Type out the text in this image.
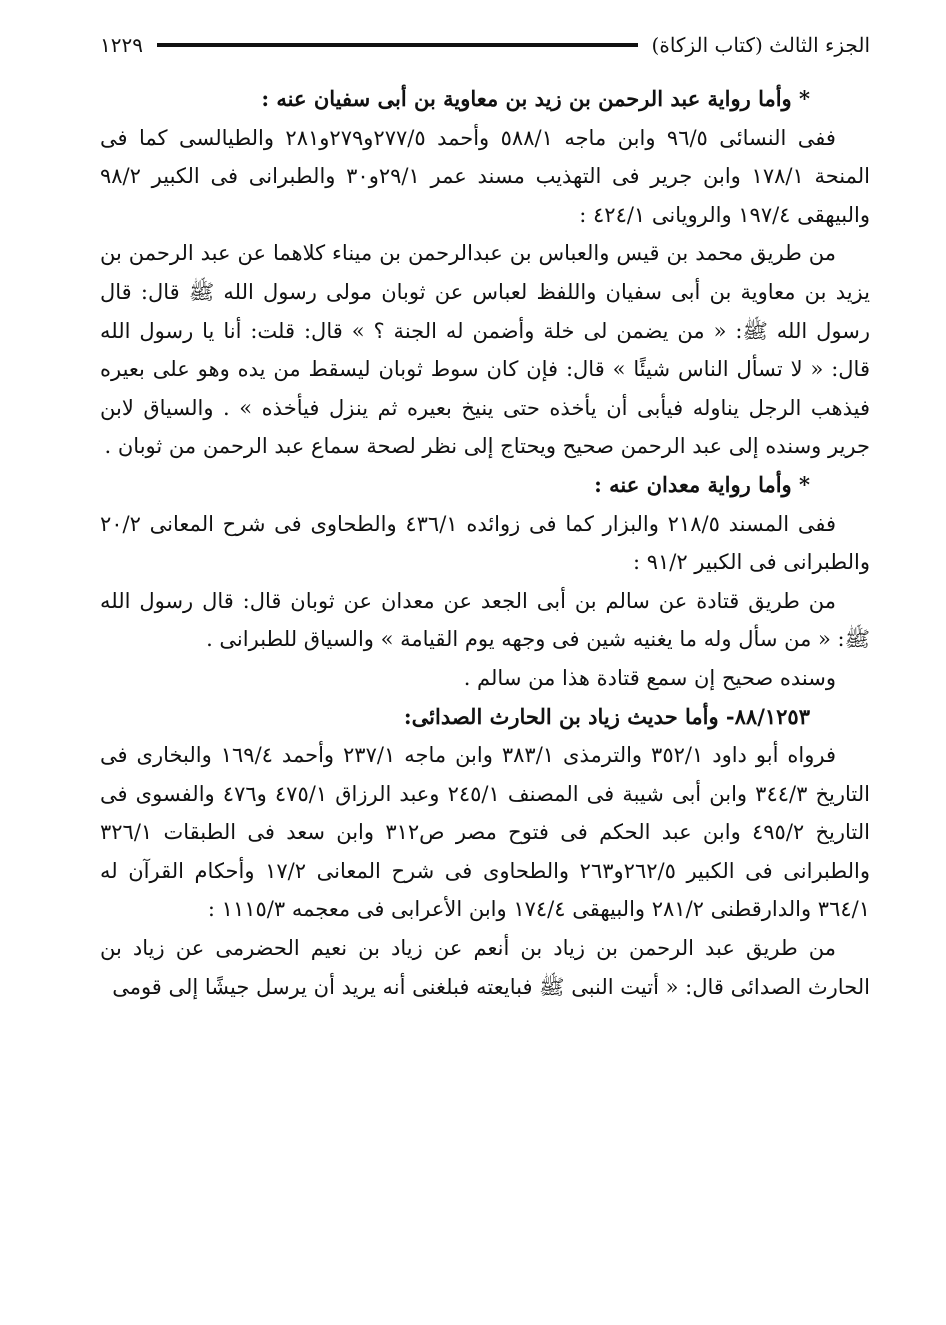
الجزء الثالث (كتاب الزكاة)
١٢٢٩

* وأما رواية عبد الرحمن بن زيد بن معاوية بن أبى سفيان عنه :

ففى النسائى ٩٦/٥ وابن ماجه ٥٨٨/١ وأحمد ٢٧٧/٥و٢٧٩و٢٨١ والطيالسى كما فى المنحة ١٧٨/١ وابن جرير فى التهذيب مسند عمر ٢٩/١و٣٠ والطبرانى فى الكبير ٩٨/٢ والبيهقى ١٩٧/٤ والرويانى ٤٢٤/١ :

من طريق محمد بن قيس والعباس بن عبدالرحمن بن ميناء كلاهما عن عبد الرحمن بن يزيد بن معاوية بن أبى سفيان واللفظ لعباس عن ثوبان مولى رسول الله ﷺ قال: قال رسول الله ﷺ: « من يضمن لى خلة وأضمن له الجنة ؟ » قال: قلت: أنا يا رسول الله قال: « لا تسأل الناس شيئًا » قال: فإن كان سوط ثوبان ليسقط من يده وهو على بعيره فيذهب الرجل يناوله فيأبى أن يأخذه حتى ينيخ بعيره ثم ينزل فيأخذه » . والسياق لابن جرير وسنده إلى عبد الرحمن صحيح ويحتاج إلى نظر لصحة سماع عبد الرحمن من ثوبان .

* وأما رواية معدان عنه :

ففى المسند ٢١٨/٥ والبزار كما فى زوائده ٤٣٦/١ والطحاوى فى شرح المعانى ٢٠/٢ والطبرانى فى الكبير ٩١/٢ :

من طريق قتادة عن سالم بن أبى الجعد عن معدان عن ثوبان قال: قال رسول الله ﷺ: « من سأل وله ما يغنيه شين فى وجهه يوم القيامة » والسياق للطبرانى .

وسنده صحيح إن سمع قتادة هذا من سالم .

٨٨/١٢٥٣- وأما حديث زياد بن الحارث الصدائى:

فرواه أبو داود ٣٥٢/١ والترمذى ٣٨٣/١ وابن ماجه ٢٣٧/١ وأحمد ١٦٩/٤ والبخارى فى التاريخ ٣٤٤/٣ وابن أبى شيبة فى المصنف ٢٤٥/١ وعبد الرزاق ٤٧٥/١ و٤٧٦ والفسوى فى التاريخ ٤٩٥/٢ وابن عبد الحكم فى فتوح مصر ص٣١٢ وابن سعد فى الطبقات ٣٢٦/١ والطبرانى فى الكبير ٢٦٢/٥و٢٦٣ والطحاوى فى شرح المعانى ١٧/٢ وأحكام القرآن له ٣٦٤/١ والدارقطنى ٢٨١/٢ والبيهقى ١٧٤/٤ وابن الأعرابى فى معجمه ١١١٥/٣ :

من طريق عبد الرحمن بن زياد بن أنعم عن زياد بن نعيم الحضرمى عن زياد بن الحارث الصدائى قال: « أتيت النبى ﷺ فبايعته فبلغنى أنه يريد أن يرسل جيشًا إلى قومى
